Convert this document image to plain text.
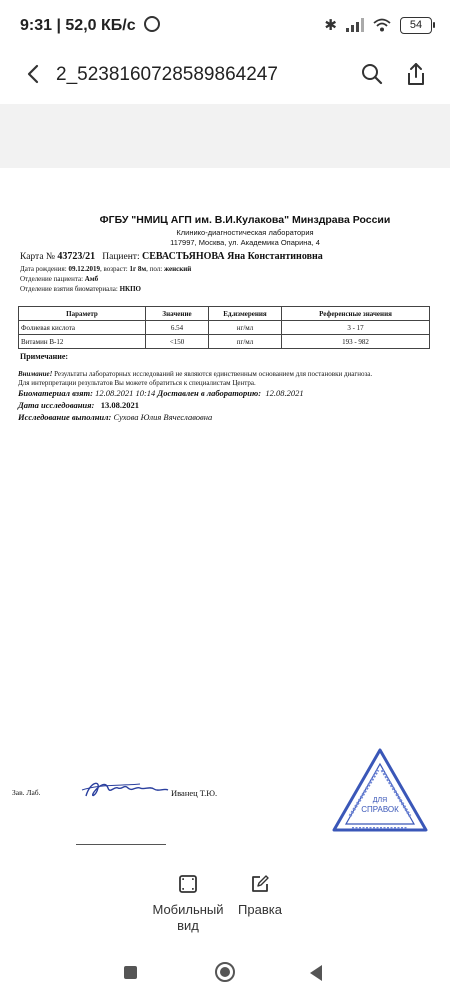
9:31 | 52,0 КБ/с	✱	54
2_5238160728589864247
ФГБУ "НМИЦ АГП им. В.И.Кулакова" Минздрава России
Клинико-диагностическая лаборатория
117997, Москва, ул. Академика Опарина, 4
Карта № 43723/21 Пациент: СЕВАСТЬЯНОВА Яна Константиновна
Дата рождения: 09.12.2019, возраст: 1г 8м, пол: женский
Отделение пациента: Амб
Отделение взятия биоматериала: НКПО
Параметр	Значение	Ед.измерения	Референсные значения
Фолиевая кислота	6.54	нг/мл	3 - 17
Витамин В-12	<150	пг/мл	193 - 982
Примечание:
Внимание! Результаты лабораторных исследований не являются единственным основанием для постановки диагноза.
Для интерпретации результатов Вы можете обратиться к специалистам Центра.
Биоматериал взят: 12.08.2021 10:14 Доставлен в лабораторию: 12.08.2021
Дата исследования: 13.08.2021
Исследование выполнил: Сухова Юлия Вячеславовна
Зав. Лаб.	Иванец Т.Ю.
ДЛЯ
СПРАВОК
Мобильный вид
Правка
